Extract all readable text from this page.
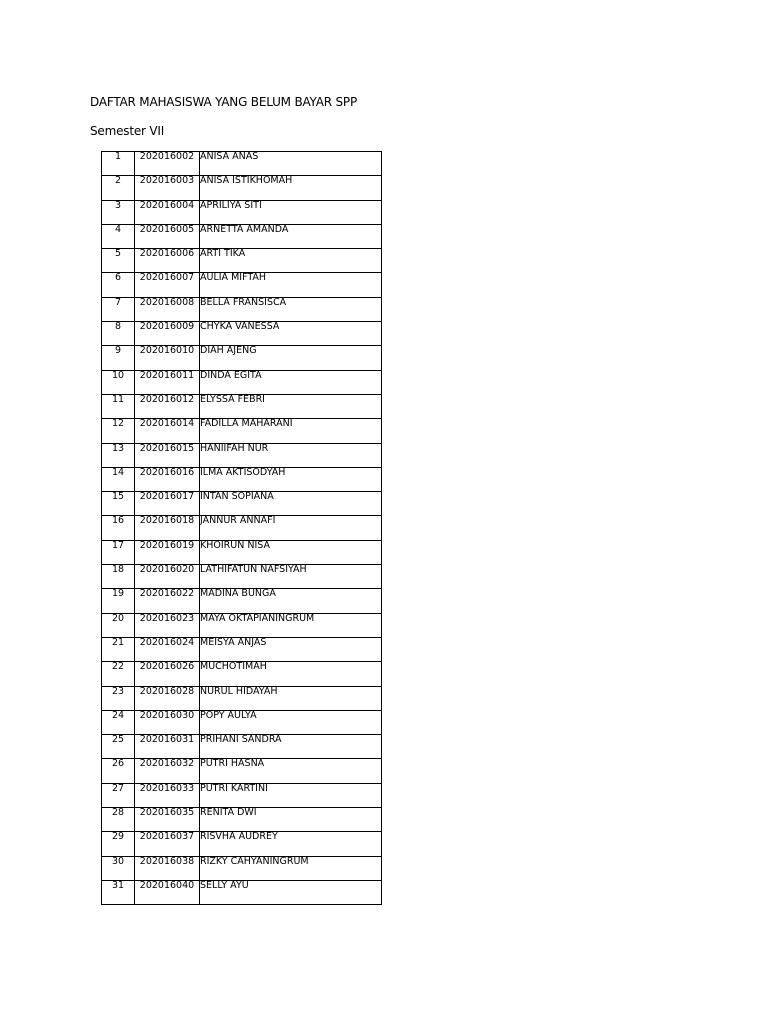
DAFTAR MAHASISWA YANG BELUM BAYAR SPP
Semester VII
1	202016002	ANISA ANAS
2	202016003	ANISA ISTIKHOMAH
3	202016004	APRILIYA SITI
4	202016005	ARNETTA AMANDA
5	202016006	ARTI TIKA
6	202016007	AULIA MIFTAH
7	202016008	BELLA FRANSISCA
8	202016009	CHYKA VANESSA
9	202016010	DIAH AJENG
10	202016011	DINDA EGITA
11	202016012	ELYSSA FEBRI
12	202016014	FADILLA MAHARANI
13	202016015	HANIIFAH NUR
14	202016016	ILMA AKTISODYAH
15	202016017	INTAN SOPIANA
16	202016018	JANNUR ANNAFI
17	202016019	KHOIRUN NISA
18	202016020	LATHIFATUN NAFSIYAH
19	202016022	MADINA BUNGA
20	202016023	MAYA OKTAPIANINGRUM
21	202016024	MEISYA ANJAS
22	202016026	MUCHOTIMAH
23	202016028	NURUL HIDAYAH
24	202016030	POPY AULYA
25	202016031	PRIHANI SANDRA
26	202016032	PUTRI HASNA
27	202016033	PUTRI KARTINI
28	202016035	RENITA DWI
29	202016037	RISVHA AUDREY
30	202016038	RIZKY CAHYANINGRUM
31	202016040	SELLY AYU
